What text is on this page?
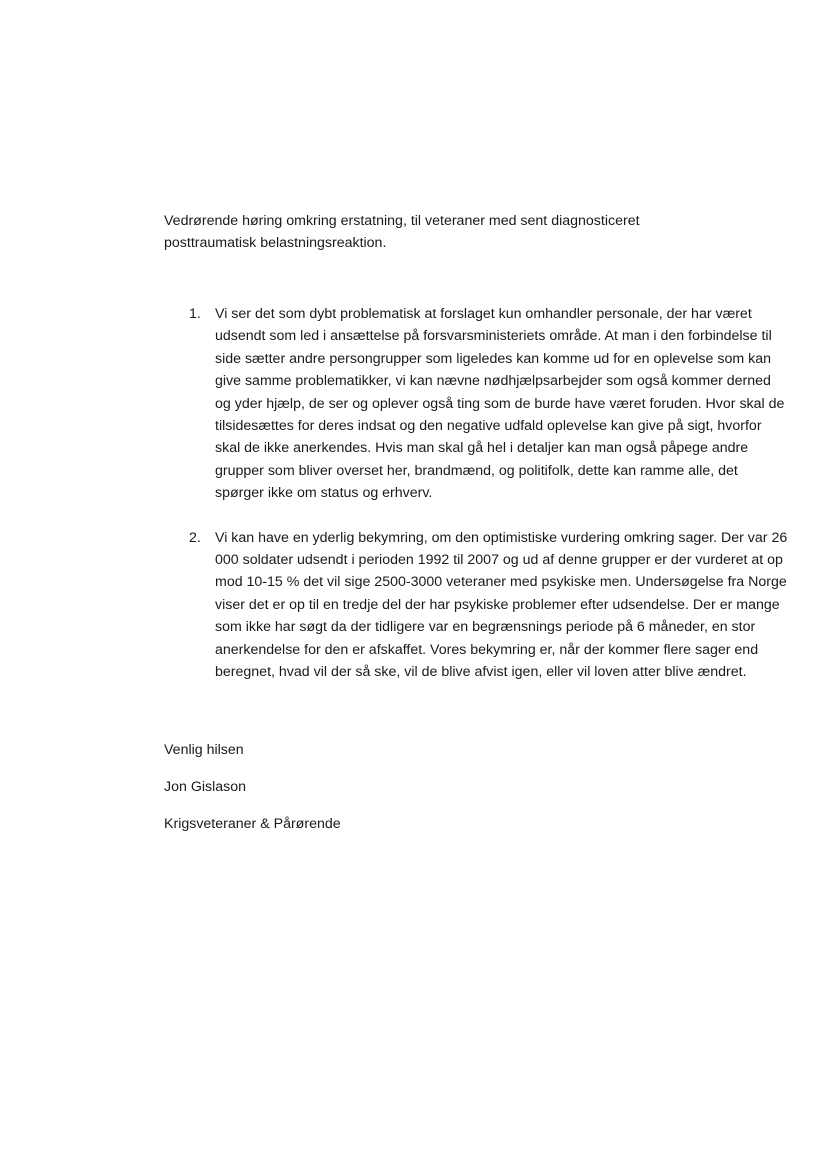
Vedrørende høring omkring erstatning, til veteraner med sent diagnosticeret

posttraumatisk belastningsreaktion.

1. Vi ser det som dybt problematisk at forslaget kun omhandler personale, der har været udsendt som led i ansættelse på forsvarsministeriets område. At man i den forbindelse til side sætter andre persongrupper som ligeledes kan komme ud for en oplevelse som kan give samme problematikker, vi kan nævne nødhjælpsarbejder som også kommer derned og yder hjælp, de ser og oplever også ting som de burde have været foruden. Hvor skal de tilsidesættes for deres indsat og den negative udfald oplevelse kan give på sigt, hvorfor skal de ikke anerkendes. Hvis man skal gå hel i detaljer kan man også påpege andre grupper som bliver overset her, brandmænd, og politifolk, dette kan ramme alle, det spørger ikke om status og erhverv.
2. Vi kan have en yderlig bekymring, om den optimistiske vurdering omkring sager. Der var 26 000 soldater udsendt i perioden 1992 til 2007 og ud af denne grupper er der vurderet at op mod 10-15 % det vil sige 2500-3000 veteraner med psykiske men. Undersøgelse fra Norge viser det er op til en tredje del der har psykiske problemer efter udsendelse. Der er mange som ikke har søgt da der tidligere var en begrænsnings periode på 6 måneder, en stor anerkendelse for den er afskaffet. Vores bekymring er, når der kommer flere sager end beregnet, hvad vil der så ske, vil de blive afvist igen, eller vil loven atter blive ændret.

Venlig hilsen

Jon Gislason

Krigsveteraner & Pårørende
